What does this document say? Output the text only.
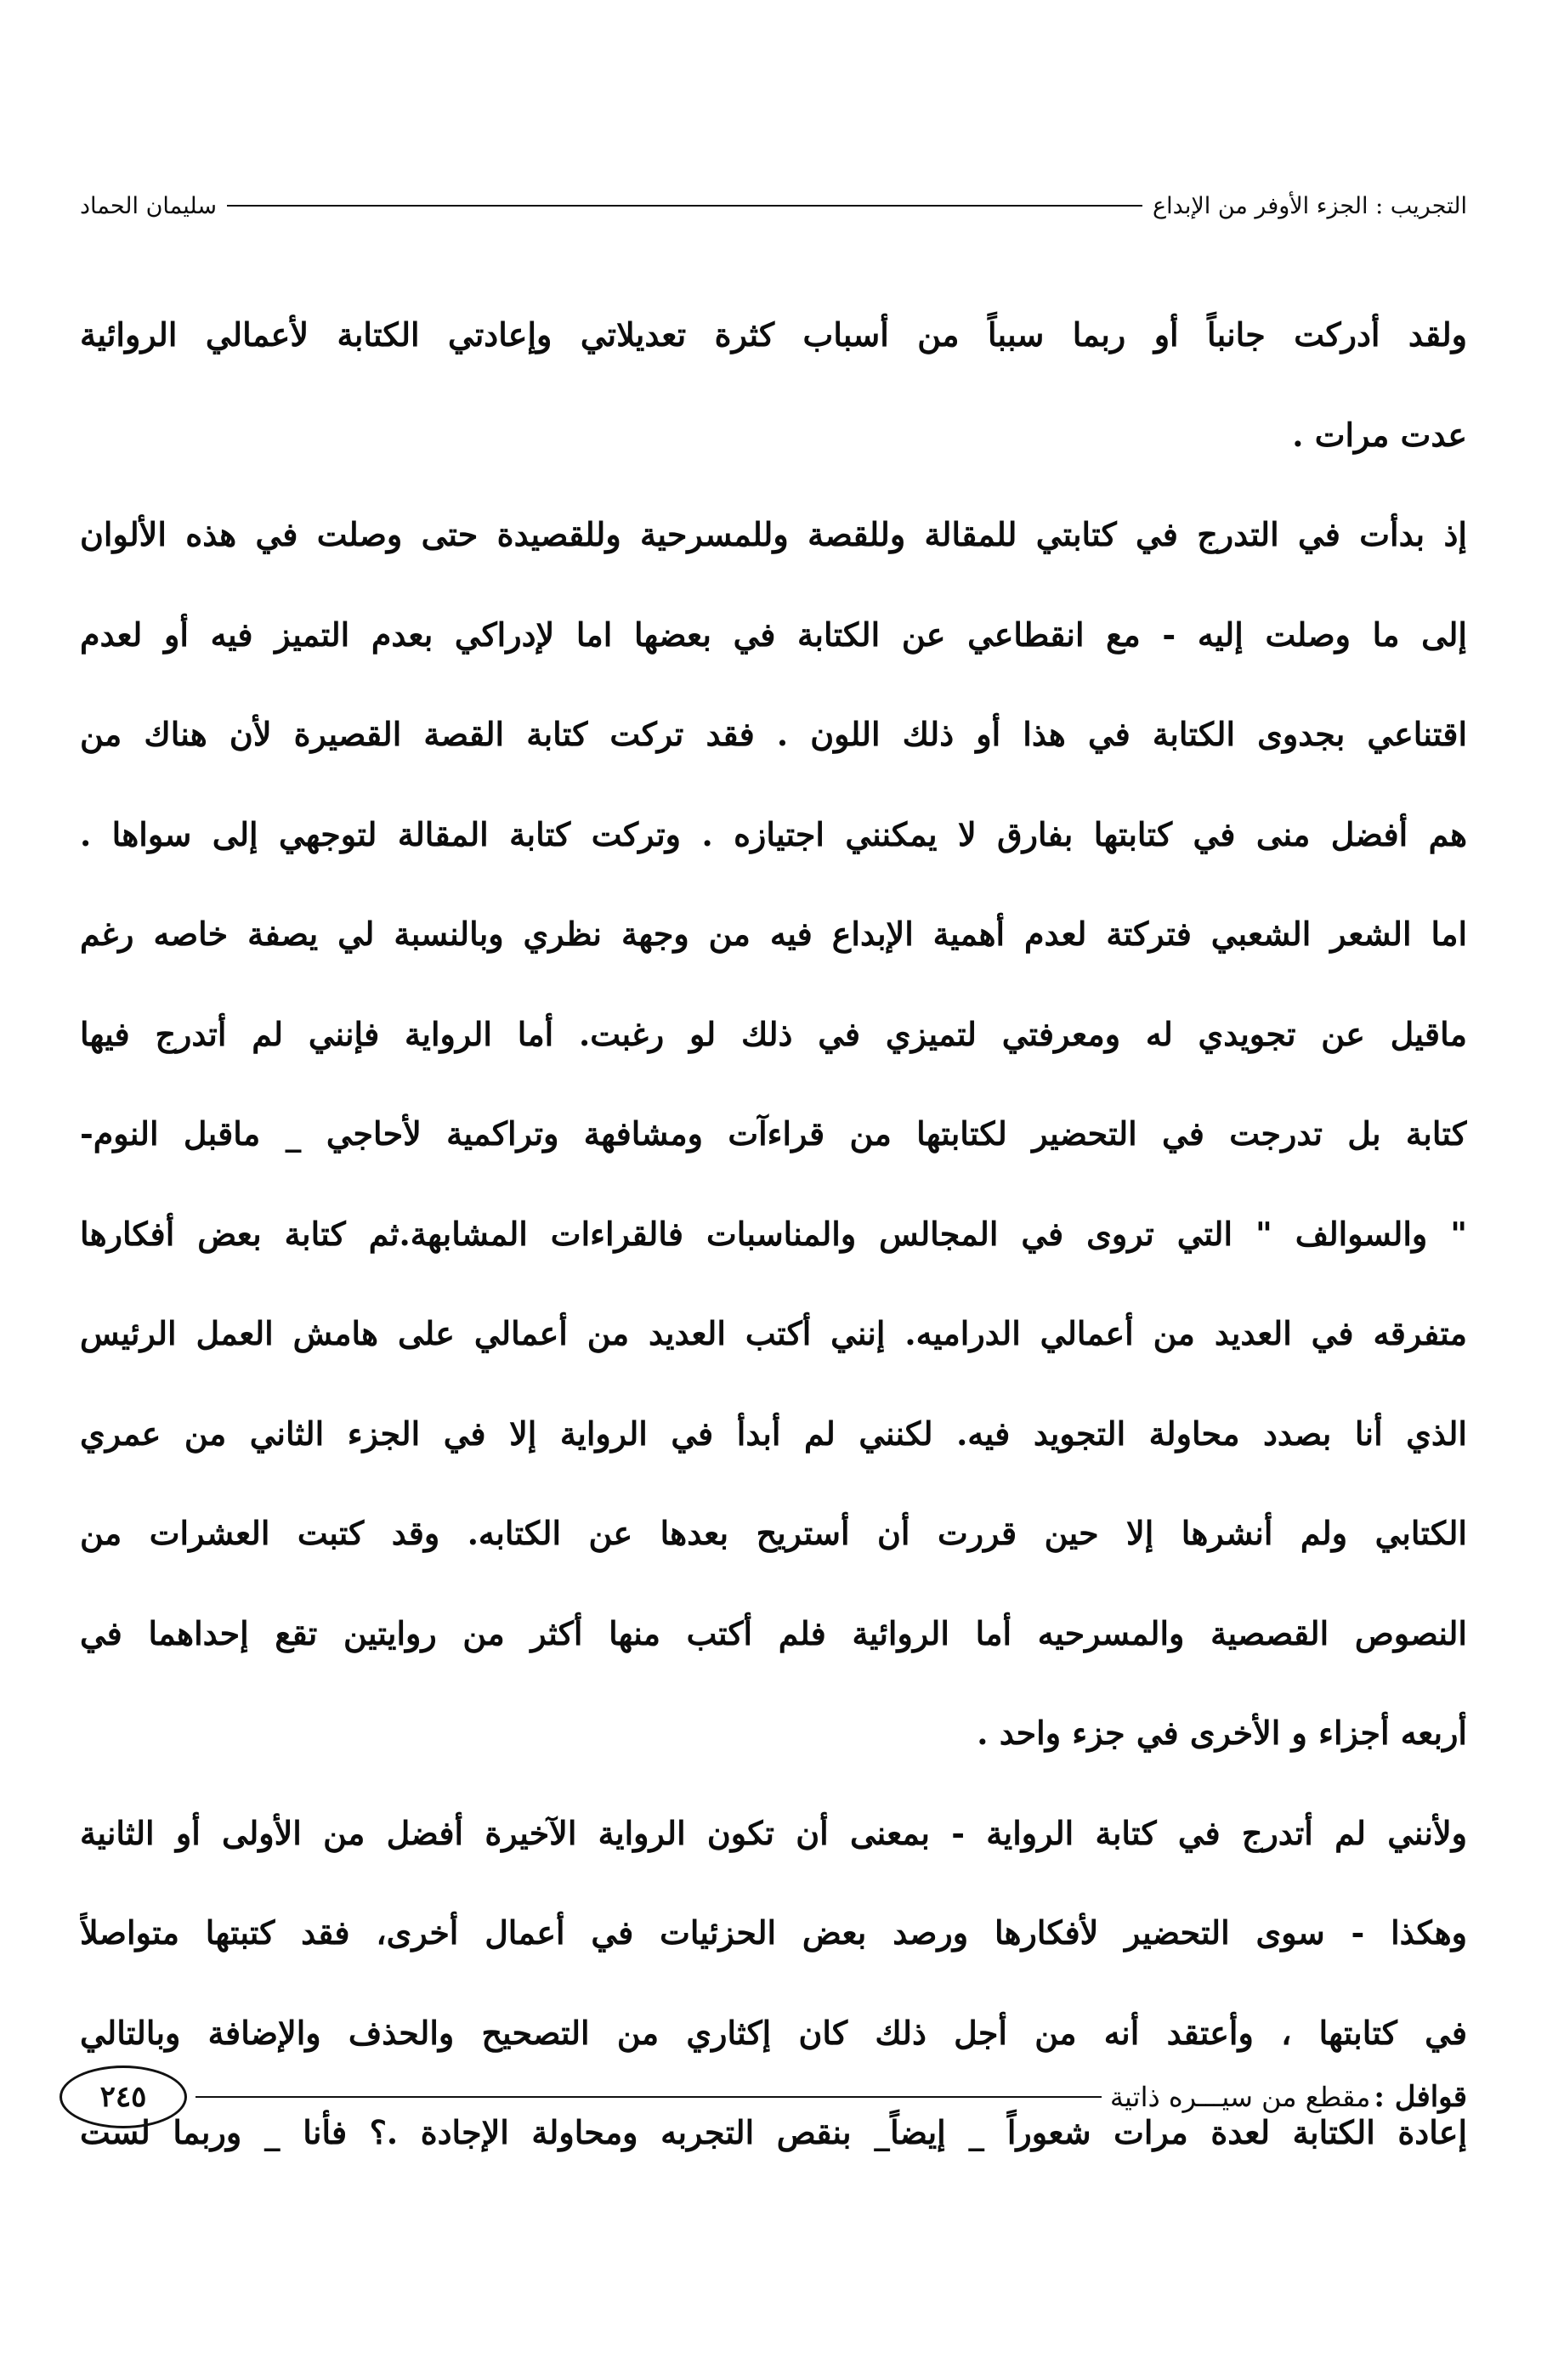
التجريب : الجزء الأوفر من الإبداع
سليمان الحماد
ولقد أدركت جانباً أو ربما سبباً من أسباب كثرة تعديلاتي وإعادتي الكتابة لأعمالي الروائية
عدت مرات .
إذ بدأت في التدرج في كتابتي للمقالة وللقصة وللمسرحية وللقصيدة حتى وصلت في هذه الألوان
إلى ما وصلت إليه - مع انقطاعي عن الكتابة في بعضها اما لإدراكي بعدم التميز فيه أو لعدم
اقتناعي بجدوى الكتابة في هذا أو ذلك اللون . فقد تركت كتابة القصة القصيرة لأن هناك من
هم أفضل منى في كتابتها بفارق لا يمكنني اجتيازه . وتركت كتابة المقالة لتوجهي إلى سواها .
اما الشعر الشعبي فتركتة لعدم أهمية الإبداع فيه من وجهة نظري وبالنسبة لي يصفة خاصه رغم
ماقيل عن تجويدي له ومعرفتي لتميزي في ذلك لو رغبت. أما الرواية فإنني لم أتدرج فيها
كتابة بل تدرجت في التحضير لكتابتها من قراءآت ومشافهة وتراكمية لأحاجي _ ماقبل النوم-
" والسوالف " التي تروى في المجالس والمناسبات فالقراءات المشابهة.ثم كتابة بعض أفكارها
متفرقه في العديد من أعمالي الدراميه. إنني أكتب العديد من أعمالي على هامش العمل الرئيس
الذي أنا بصدد محاولة التجويد فيه. لكنني لم أبدأ في الرواية إلا في الجزء الثاني من عمري
الكتابي ولم أنشرها إلا حين قررت أن أستريح بعدها عن الكتابه. وقد كتبت العشرات من
النصوص القصصية والمسرحيه أما الروائية فلم أكتب منها أكثر من روايتين تقع إحداهما في
أربعه أجزاء و الأخرى في جزء واحد .
ولأنني لم أتدرج في كتابة الرواية - بمعنى أن تكون الرواية الآخيرة أفضل من الأولى أو الثانية
وهكذا - سوى التحضير لأفكارها ورصد بعض الحزئيات في أعمال أخرى، فقد كتبتها متواصلاً
في كتابتها ، وأعتقد أنه من أجل ذلك كان إكثاري من التصحيح والحذف والإضافة وبالتالي
إعادة الكتابة لعدة مرات شعوراً _ إيضاً_ بنقص التجربه ومحاولة الإجادة .؟ فأنا _ وربما لست
قوافل :
مقطع من سيـــره ذاتية
٢٤٥
